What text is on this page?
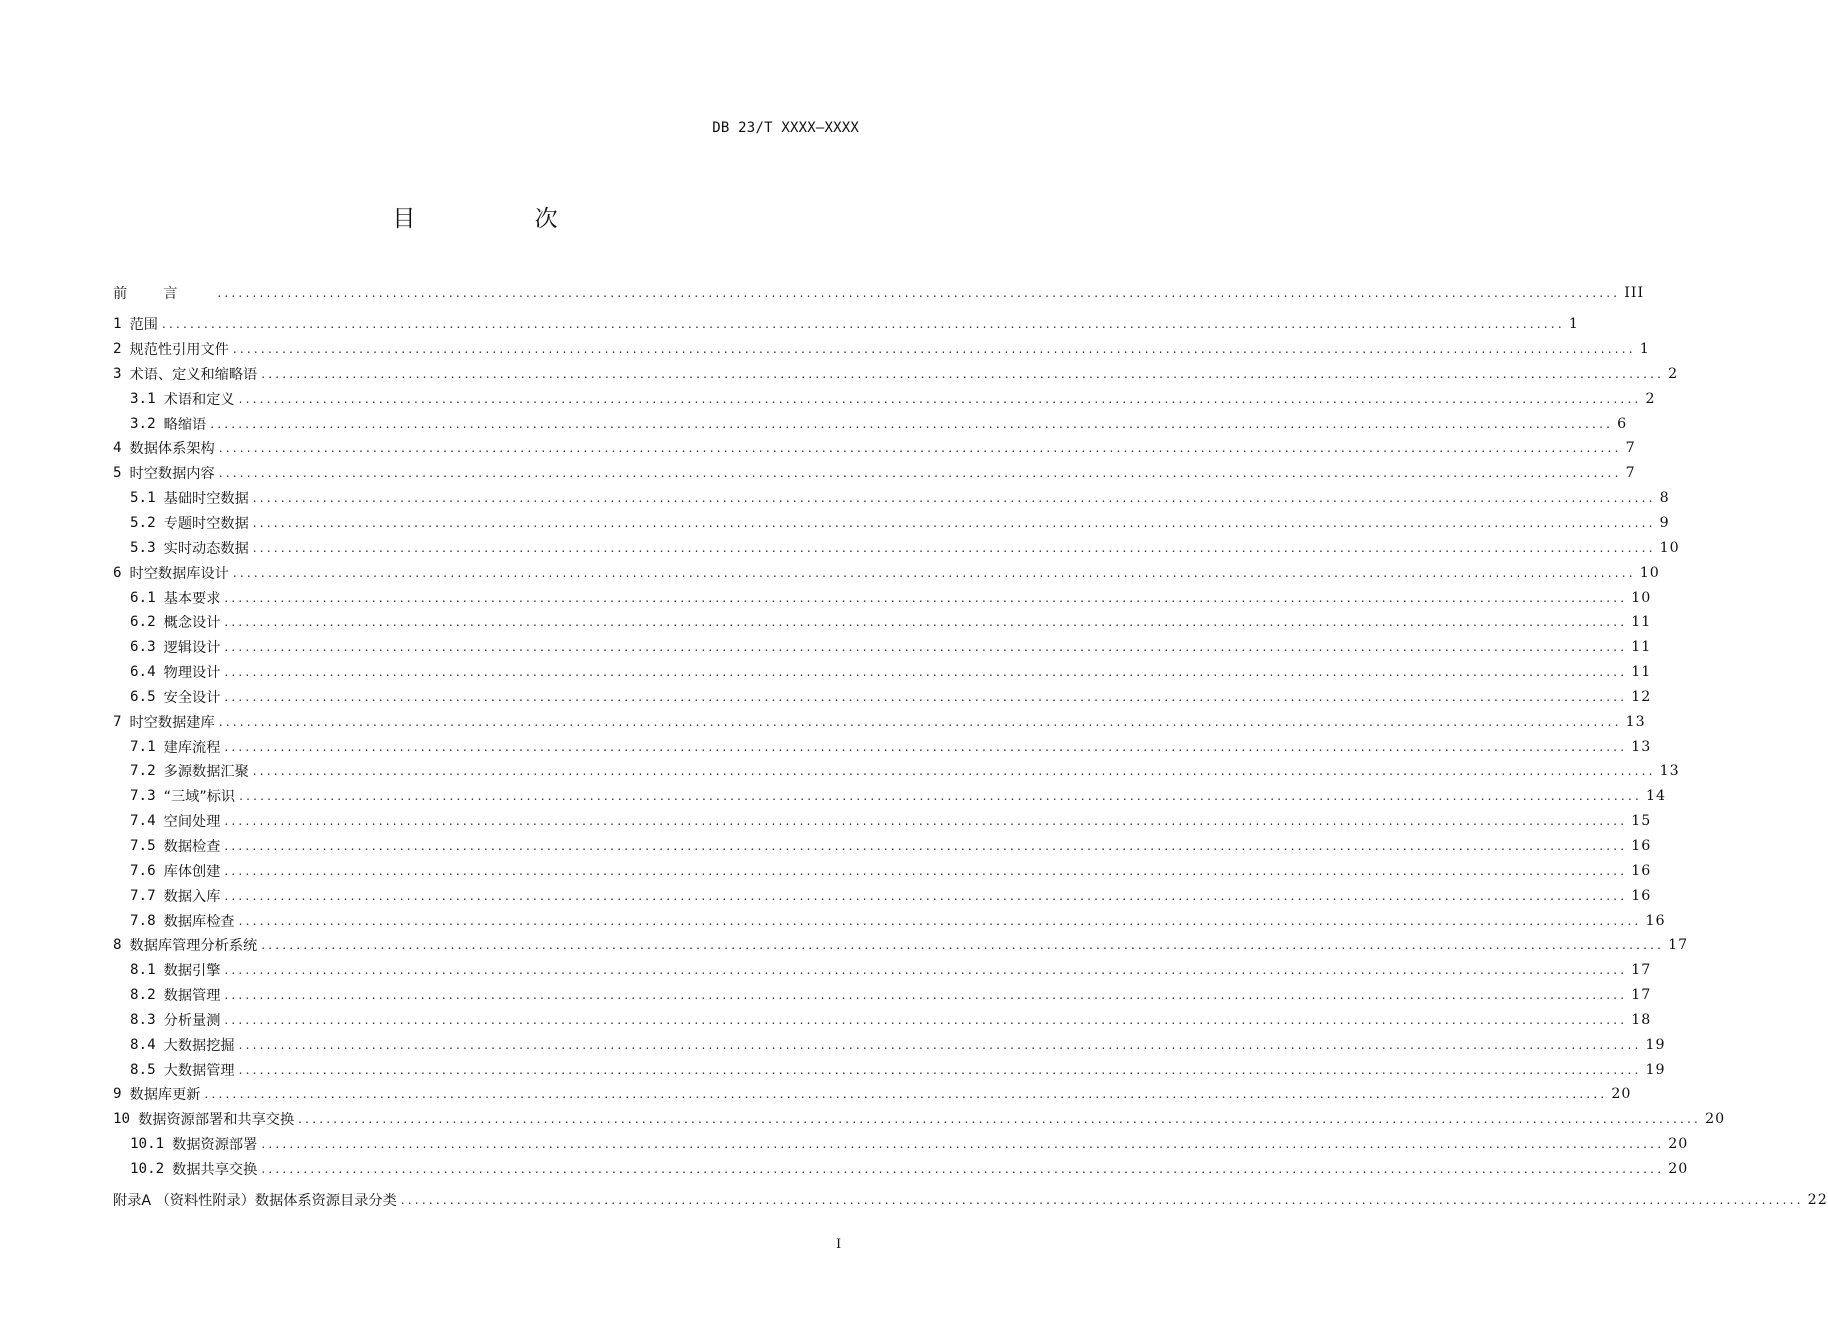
DB 23/T XXXX—XXXX
目 次
前言 ........................................................................................................................................................................................................ III
1 范围 ........................................................................................................................................................................................................ 1
2 规范性引用文件 ........................................................................................................................................................................................................ 1
3 术语、定义和缩略语 ........................................................................................................................................................................................................ 2
3.1 术语和定义 ........................................................................................................................................................................................................ 2
3.2 略缩语 ........................................................................................................................................................................................................ 6
4 数据体系架构 ........................................................................................................................................................................................................ 7
5 时空数据内容 ........................................................................................................................................................................................................ 7
5.1 基础时空数据 ........................................................................................................................................................................................................ 8
5.2 专题时空数据 ........................................................................................................................................................................................................ 9
5.3 实时动态数据 ........................................................................................................................................................................................................ 10
6 时空数据库设计 ........................................................................................................................................................................................................ 10
6.1 基本要求 ........................................................................................................................................................................................................ 10
6.2 概念设计 ........................................................................................................................................................................................................ 11
6.3 逻辑设计 ........................................................................................................................................................................................................ 11
6.4 物理设计 ........................................................................................................................................................................................................ 11
6.5 安全设计 ........................................................................................................................................................................................................ 12
7 时空数据建库 ........................................................................................................................................................................................................ 13
7.1 建库流程 ........................................................................................................................................................................................................ 13
7.2 多源数据汇聚 ........................................................................................................................................................................................................ 13
7.3 “三域”标识 ........................................................................................................................................................................................................ 14
7.4 空间处理 ........................................................................................................................................................................................................ 15
7.5 数据检查 ........................................................................................................................................................................................................ 16
7.6 库体创建 ........................................................................................................................................................................................................ 16
7.7 数据入库 ........................................................................................................................................................................................................ 16
7.8 数据库检查 ........................................................................................................................................................................................................ 16
8 数据库管理分析系统 ........................................................................................................................................................................................................ 17
8.1 数据引擎 ........................................................................................................................................................................................................ 17
8.2 数据管理 ........................................................................................................................................................................................................ 17
8.3 分析量测 ........................................................................................................................................................................................................ 18
8.4 大数据挖掘 ........................................................................................................................................................................................................ 19
8.5 大数据管理 ........................................................................................................................................................................................................ 19
9 数据库更新 ........................................................................................................................................................................................................ 20
10 数据资源部署和共享交换 ........................................................................................................................................................................................................ 20
10.1 数据资源部署 ........................................................................................................................................................................................................ 20
10.2 数据共享交换 ........................................................................................................................................................................................................ 20
附录A （资料性附录）数据体系资源目录分类 ........................................................................................................................................................................................................ 22
I
